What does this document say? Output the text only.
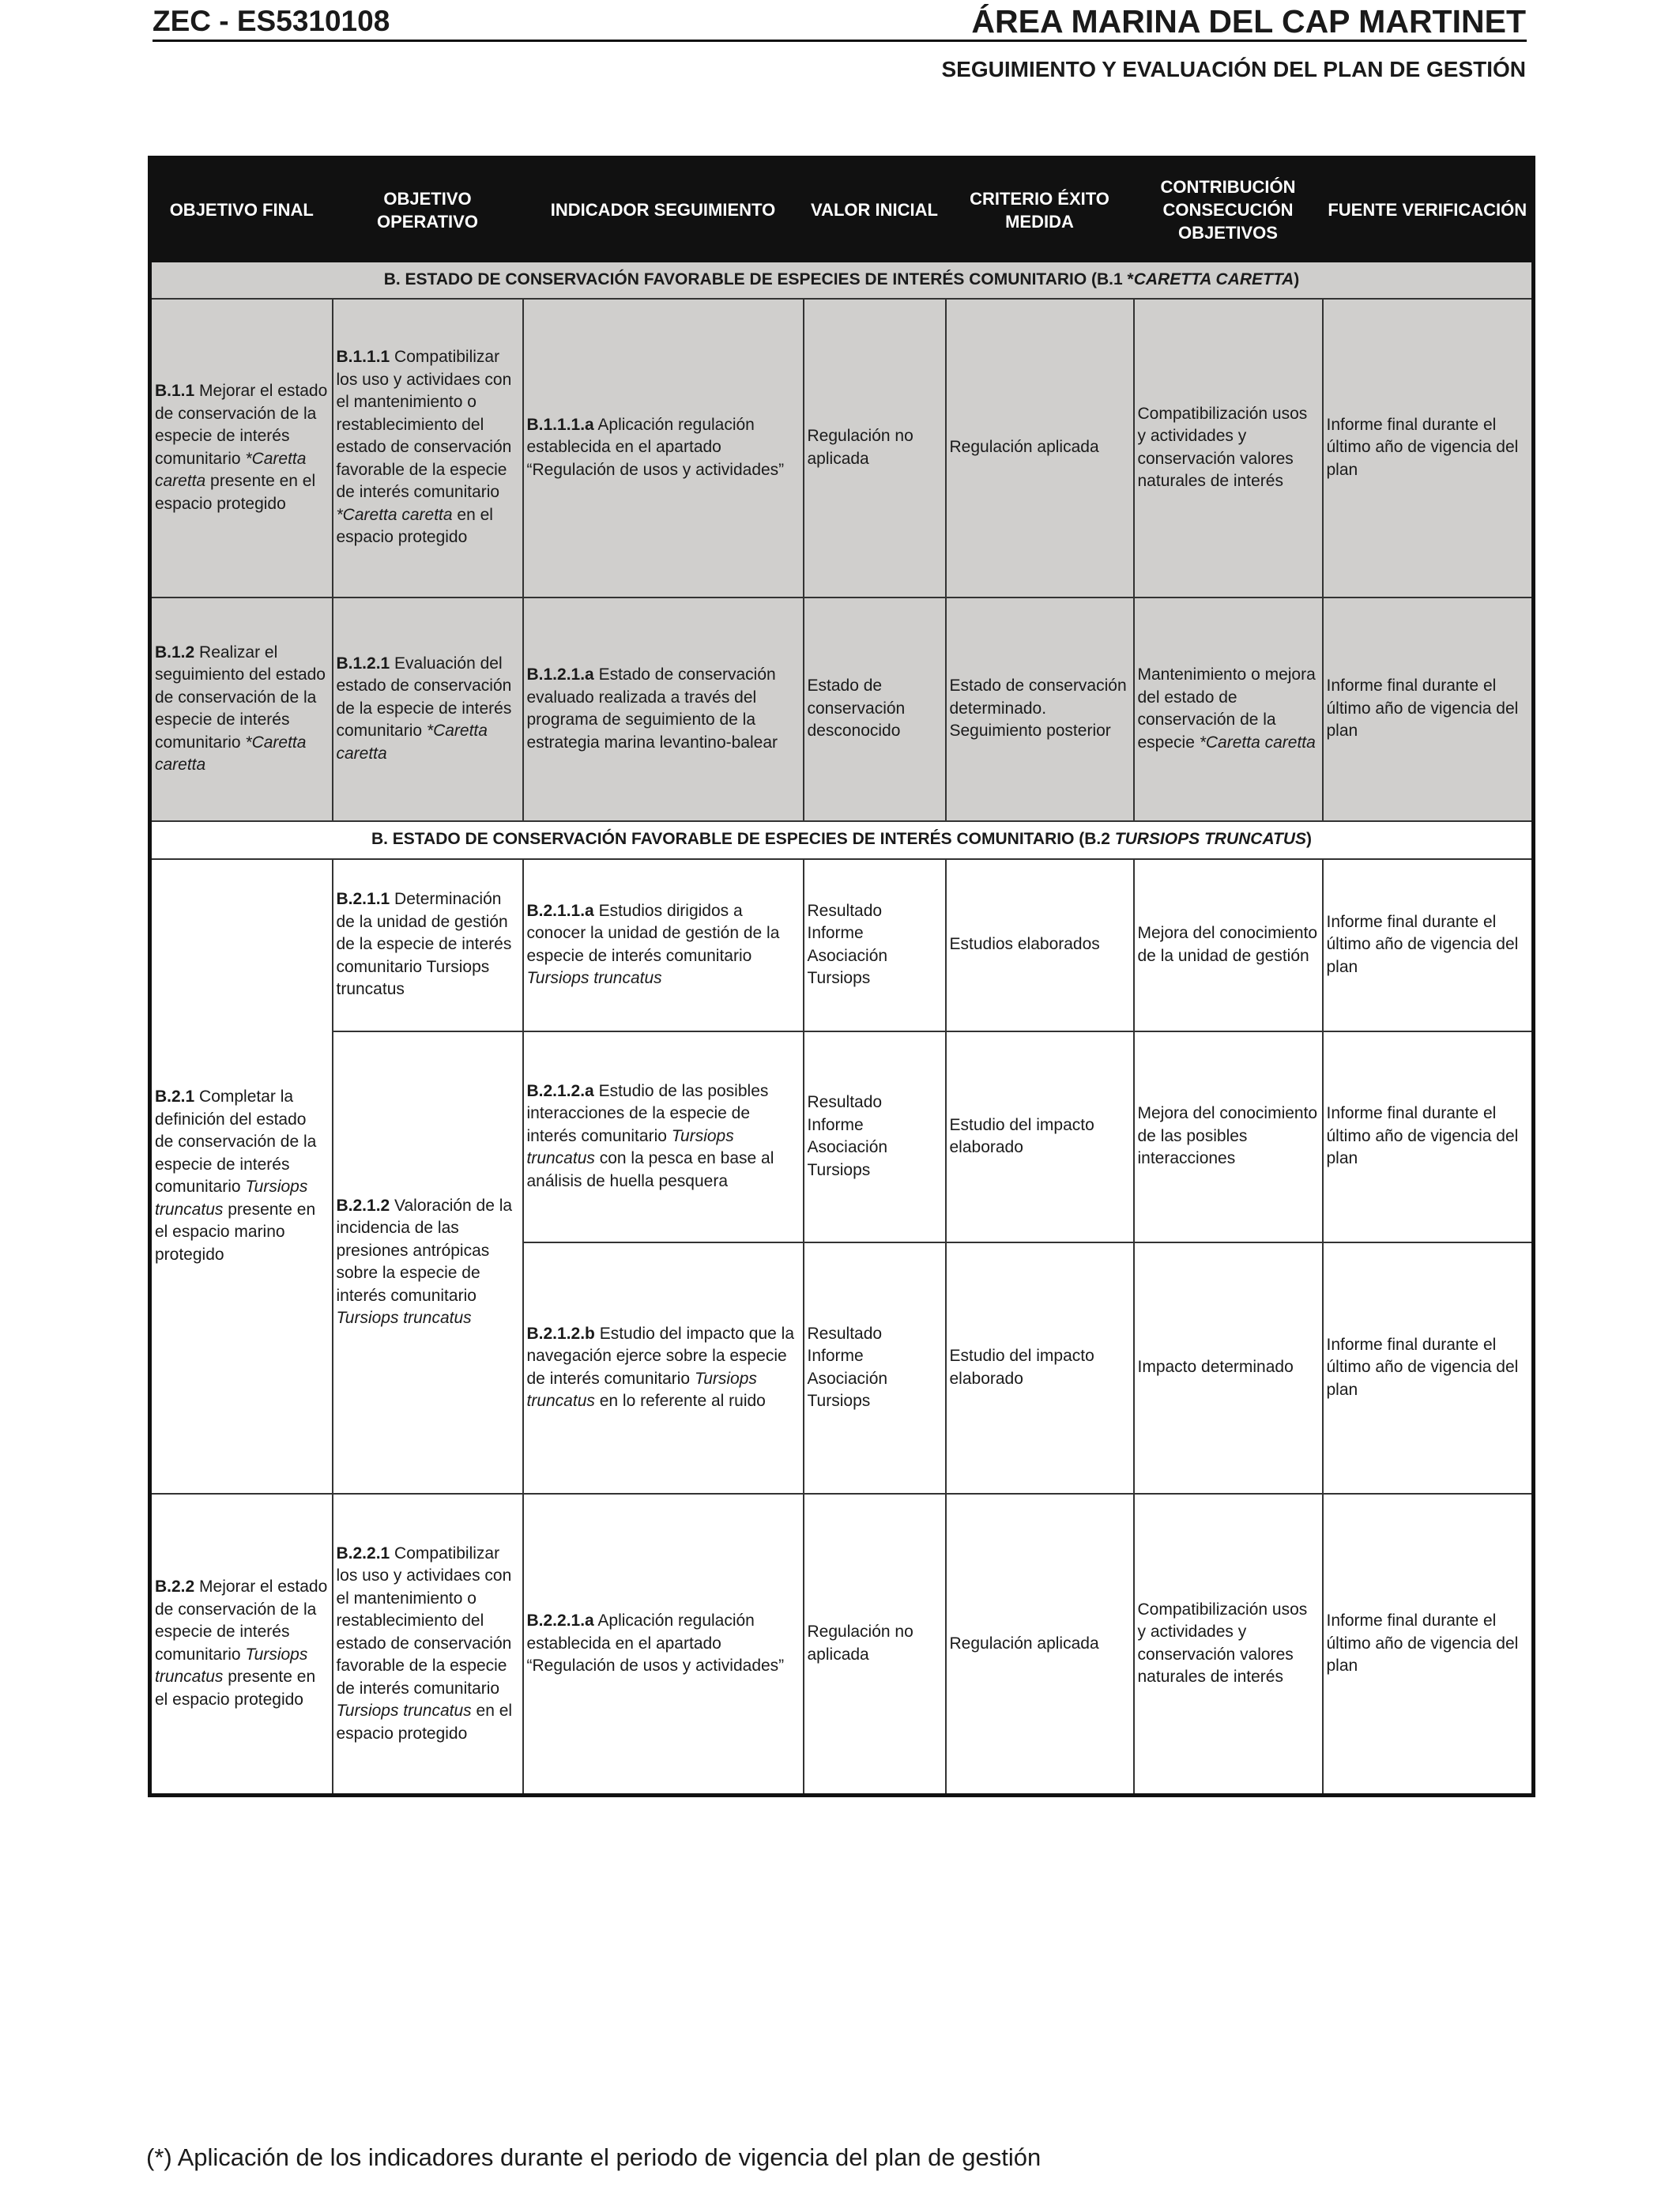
ZEC - ES5310108	ÁREA MARINA DEL CAP MARTINET
SEGUIMIENTO Y EVALUACIÓN DEL PLAN DE GESTIÓN
OBJETIVO FINAL	OBJETIVO OPERATIVO	INDICADOR SEGUIMIENTO	VALOR INICIAL	CRITERIO ÉXITO MEDIDA	CONTRIBUCIÓN CONSECUCIÓN OBJETIVOS	FUENTE VERIFICACIÓN
B. ESTADO DE CONSERVACIÓN FAVORABLE DE ESPECIES DE INTERÉS COMUNITARIO (B.1 *CARETTA CARETTA)						
B.1.1 Mejorar el estado de conservación de la especie de interés comunitario *Caretta caretta presente en el espacio protegido	B.1.1.1 Compatibilizar los uso y actividaes con el mantenimiento o restablecimiento del estado de conservación favorable de la especie de interés comunitario *Caretta caretta en el espacio protegido	B.1.1.1.a Aplicación regulación establecida en el apartado “Regulación de usos y actividades”	Regulación no aplicada	Regulación aplicada	Compatibilización usos y actividades y conservación valores naturales de interés	Informe final durante el último año de vigencia del plan
B.1.2 Realizar el seguimiento del estado de conservación de la especie de interés comunitario *Caretta caretta	B.1.2.1 Evaluación del estado de conservación de la especie de interés comunitario *Caretta caretta	B.1.2.1.a Estado de conservación evaluado realizada a través del programa de seguimiento de la estrategia marina levantino-balear	Estado de conservación desconocido	Estado de conservación determinado. Seguimiento posterior	Mantenimiento o mejora del estado de conservación de la especie *Caretta caretta	Informe final durante el último año de vigencia del plan
B. ESTADO DE CONSERVACIÓN FAVORABLE DE ESPECIES DE INTERÉS COMUNITARIO (B.2 TURSIOPS TRUNCATUS)						
B.2.1 Completar la definición del estado de conservación de la especie de interés comunitario Tursiops truncatus presente en el espacio marino protegido	B.2.1.1 Determinación de la unidad de gestión de la especie de interés comunitario Tursiops truncatus	B.2.1.1.a Estudios dirigidos a conocer la unidad de gestión de la especie de interés comunitario Tursiops truncatus	Resultado Informe Asociación Tursiops	Estudios elaborados	Mejora del conocimiento de la unidad de gestión	Informe final durante el último año de vigencia del plan
	B.2.1.2 Valoración de la incidencia de las presiones antrópicas sobre la especie de interés comunitario Tursiops truncatus	B.2.1.2.a Estudio de las posibles interacciones de la especie de interés comunitario Tursiops truncatus con la pesca en base al análisis de huella pesquera	Resultado Informe Asociación Tursiops	Estudio del impacto elaborado	Mejora del conocimiento de las posibles interacciones	Informe final durante el último año de vigencia del plan
		B.2.1.2.b Estudio del impacto que la navegación ejerce sobre la especie de interés comunitario Tursiops truncatus en lo referente al ruido	Resultado Informe Asociación Tursiops	Estudio del impacto elaborado	Impacto determinado	Informe final durante el último año de vigencia del plan
B.2.2 Mejorar el estado de conservación de la especie de interés comunitario Tursiops truncatus presente en el espacio protegido	B.2.2.1 Compatibilizar los uso y actividaes con el mantenimiento o restablecimiento del estado de conservación favorable de la especie de interés comunitario Tursiops truncatus en el espacio protegido	B.2.2.1.a Aplicación regulación establecida en el apartado “Regulación de usos y actividades”	Regulación no aplicada	Regulación aplicada	Compatibilización usos y actividades y conservación valores naturales de interés	Informe final durante el último año de vigencia del plan
(*) Aplicación de los indicadores durante el periodo de vigencia del plan de gestión
